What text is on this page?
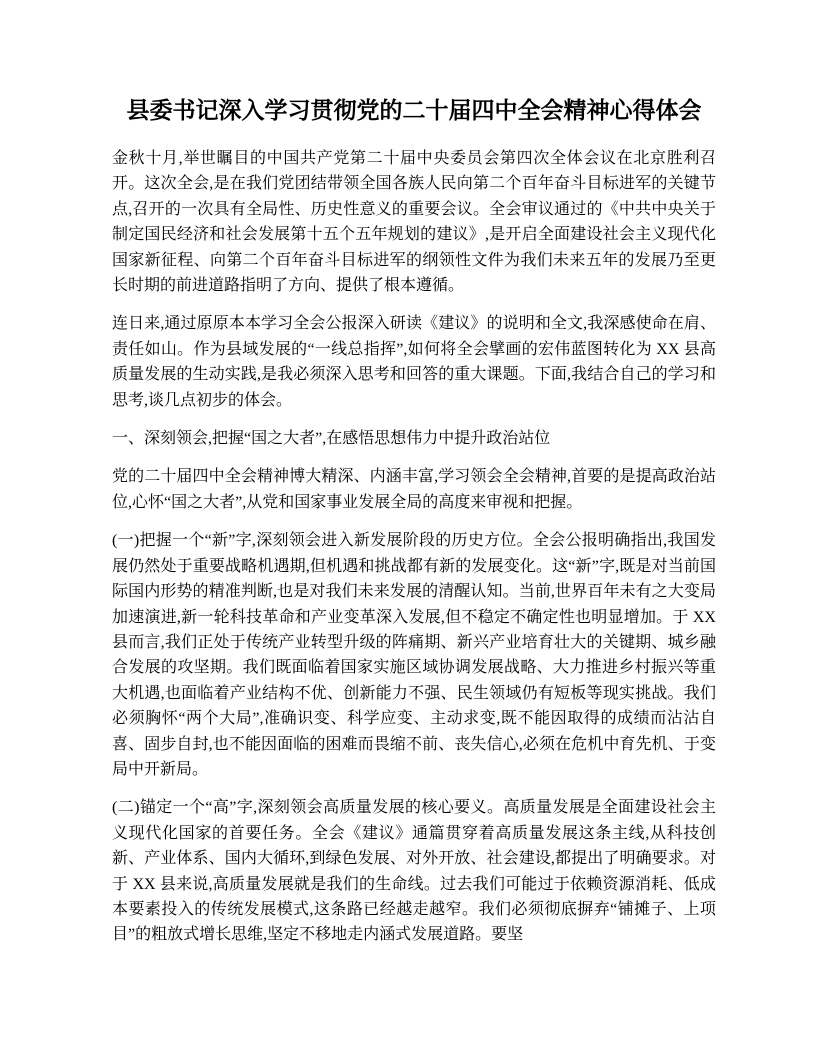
县委书记深入学习贯彻党的二十届四中全会精神心得体会

金秋十月,举世瞩目的中国共产党第二十届中央委员会第四次全体会议在北京胜利召开。这次全会,是在我们党团结带领全国各族人民向第二个百年奋斗目标进军的关键节点,召开的一次具有全局性、历史性意义的重要会议。全会审议通过的《中共中央关于制定国民经济和社会发展第十五个五年规划的建议》,是开启全面建设社会主义现代化国家新征程、向第二个百年奋斗目标进军的纲领性文件为我们未来五年的发展乃至更长时期的前进道路指明了方向、提供了根本遵循。

连日来,通过原原本本学习全会公报深入研读《建议》的说明和全文,我深感使命在肩、责任如山。作为县域发展的“一线总指挥”,如何将全会擘画的宏伟蓝图转化为 XX 县高质量发展的生动实践,是我必须深入思考和回答的重大课题。下面,我结合自己的学习和思考,谈几点初步的体会。

一、深刻领会,把握“国之大者”,在感悟思想伟力中提升政治站位

党的二十届四中全会精神博大精深、内涵丰富,学习领会全会精神,首要的是提高政治站位,心怀“国之大者”,从党和国家事业发展全局的高度来审视和把握。

(一)把握一个“新”字,深刻领会进入新发展阶段的历史方位。全会公报明确指出,我国发展仍然处于重要战略机遇期,但机遇和挑战都有新的发展变化。这“新”字,既是对当前国际国内形势的精准判断,也是对我们未来发展的清醒认知。当前,世界百年未有之大变局加速演进,新一轮科技革命和产业变革深入发展,但不稳定不确定性也明显增加。于 XX 县而言,我们正处于传统产业转型升级的阵痛期、新兴产业培育壮大的关键期、城乡融合发展的攻坚期。我们既面临着国家实施区域协调发展战略、大力推进乡村振兴等重大机遇,也面临着产业结构不优、创新能力不强、民生领域仍有短板等现实挑战。我们必须胸怀“两个大局”,准确识变、科学应变、主动求变,既不能因取得的成绩而沾沾自喜、固步自封,也不能因面临的困难而畏缩不前、丧失信心,必须在危机中育先机、于变局中开新局。

(二)锚定一个“高”字,深刻领会高质量发展的核心要义。高质量发展是全面建设社会主义现代化国家的首要任务。全会《建议》通篇贯穿着高质量发展这条主线,从科技创新、产业体系、国内大循环,到绿色发展、对外开放、社会建设,都提出了明确要求。对于 XX 县来说,高质量发展就是我们的生命线。过去我们可能过于依赖资源消耗、低成本要素投入的传统发展模式,这条路已经越走越窄。我们必须彻底摒弃“铺摊子、上项目”的粗放式增长思维,坚定不移地走内涵式发展道路。要坚
